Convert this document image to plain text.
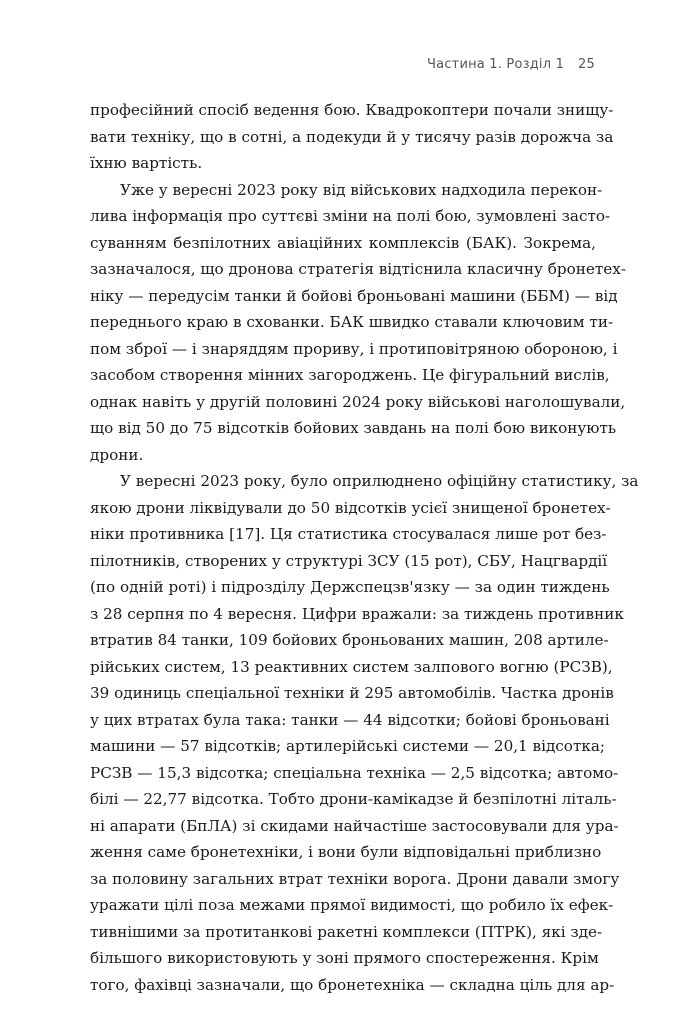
Частина 1. Розділ 1 25
професійний спосіб ведення бою. Квадрокоптери почали знищу-
вати техніку, що в сотні, а подекуди й у тисячу разів дорожча за
їхню вартість.
Уже у вересні 2023 року від військових надходила перекон-
лива інформація про суттєві зміни на полі бою, зумовлені засто-
суванням безпілотних авіаційних комплексів (БАК). Зокрема,
зазначалося, що дронова стратегія відтіснила класичну бронетех-
ніку — передусім танки й бойові броньовані машини (ББМ) — від
переднього краю в схованки. БАК швидко ставали ключовим ти-
пом зброї — і знаряддям прориву, і протиповітряною обороною, і
засобом створення мінних загороджень. Це фігуральний вислів,
однак навіть у другій половині 2024 року військові наголошували,
що від 50 до 75 відсотків бойових завдань на полі бою виконують
дрони.
У вересні 2023 року, було оприлюднено офіційну статистику, за
якою дрони ліквідували до 50 відсотків усієї знищеної бронетех-
ніки противника [17]. Ця статистика стосувалася лише рот без-
пілотників, створених у структурі ЗСУ (15 рот), СБУ, Нацгвардії
(по одній роті) і підрозділу Держспецзв'язку — за один тиждень
з 28 серпня по 4 вересня. Цифри вражали: за тиждень противник
втратив 84 танки, 109 бойових броньованих машин, 208 артиле-
рійських систем, 13 реактивних систем залпового вогню (РСЗВ),
39 одиниць спеціальної техніки й 295 автомобілів. Частка дронів
у цих втратах була така: танки — 44 відсотки; бойові броньовані
машини — 57 відсотків; артилерійські системи — 20,1 відсотка;
РСЗВ — 15,3 відсотка; спеціальна техніка — 2,5 відсотка; автомо-
білі — 22,77 відсотка. Тобто дрони-камікадзе й безпілотні літаль-
ні апарати (БпЛА) зі скидами найчастіше застосовували для ура-
ження саме бронетехніки, і вони були відповідальні приблизно
за половину загальних втрат техніки ворога. Дрони давали змогу
уражати цілі поза межами прямої видимості, що робило їх ефек-
тивнішими за протитанкові ракетні комплекси (ПТРК), які зде-
більшого використовують у зоні прямого спостереження. Крім
того, фахівці зазначали, що бронетехніка — складна ціль для ар-
